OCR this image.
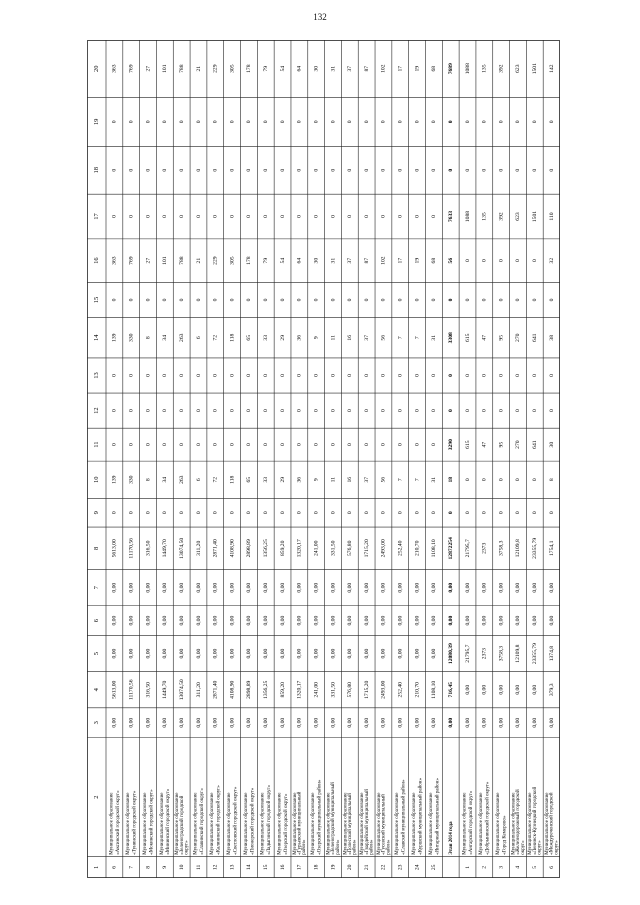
132
1
2
3
4
5
6
7
8
9
10
11
12
13
14
15
16
17
18
19
20
6
Муниципальное образование «Аксинский городской округ»
0,00
5613,00
0,00
0,00
0,00
5613,00
0
139
0
0
0
139
0
363
0
0
0
363
7
Муниципальное образование «Тунинский городской округ»
0,00
11170,56
0,00
0,00
0,00
11170,56
0
330
0
0
0
330
0
769
0
0
0
769
8
Муниципальное образование «Мокинский городской округ»
0,00
316,50
0,00
0,00
0,00
316,50
0
8
0
0
0
8
0
27
0
0
0
27
9
Муниципальное образование «Мининский городской округ»
0,00
1449,70
0,00
0,00
0,00
1449,70
0
34
0
0
0
34
0
101
0
0
0
101
10
Муниципальное образование «Зеленоградский городской округ»
0,00
13074,50
0,00
0,00
0,00
13074,50
0
263
0
0
0
263
0
788
0
0
0
788
11
Муниципальное образование «Славинский городской округ»
0,00
311,20
0,00
0,00
0,00
311,20
0
6
0
0
0
6
0
21
0
0
0
21
12
Муниципальное образование «Калининский городской округ»
0,00
2871,40
0,00
0,00
0,00
2871,40
0
72
0
0
0
72
0
229
0
0
0
229
13
Муниципальное образование «Светловский городской округ»
0,00
4108,90
0,00
0,00
0,00
4108,90
0
118
0
0
0
118
0
305
0
0
0
305
14
Муниципальное образование «Пионерский городской округ»
0,00
2898,89
0,00
0,00
0,00
2898,89
0
65
0
0
0
65
0
178
0
0
0
178
15
Муниципальное образование «Ладыгинский городской округ»
0,00
1356,25
0,00
0,00
0,00
1356,25
0
33
0
0
0
33
0
79
0
0
0
79
16
Муниципальное образование «Озерский городской округ»
0,00
859,20
0,00
0,00
0,00
859,20
0
29
0
0
0
29
0
54
0
0
0
54
17
Муниципальное образование «Гурьевский муниципальный район»
0,00
1320,17
0,00
0,00
0,00
1320,17
0
36
0
0
0
36
0
64
0
0
0
64
18
Муниципальное образование «Озерский муниципальный район»
0,00
241,00
0,00
0,00
0,00
241,00
0
9
0
0
0
9
0
30
0
0
0
30
19
Муниципальное образование «Зеленоградский муниципальный район»
0,00
331,50
0,00
0,00
0,00
331,50
0
11
0
0
0
11
0
31
0
0
0
31
20
Муниципальное образование «Полесский муниципальный район»
0,00
576,80
0,00
0,00
0,00
576,80
0
16
0
0
0
16
0
37
0
0
0
37
21
Муниципальное образование «Гвардейский муниципальный район»
0,00
1715,20
0,00
0,00
0,00
1715,20
0
37
0
0
0
37
0
87
0
0
0
87
22
Муниципальное образование «Гусевский муниципальный район»
0,00
2493,00
0,00
0,00
0,00
2493,00
0
56
0
0
0
56
0
102
0
0
0
102
23
Муниципальное образование «Славский муниципальный район»
0,00
252,40
0,00
0,00
0,00
252,40
0
7
0
0
0
7
0
17
0
0
0
17
24
Муниципальное образование «Куршский муниципальный район»
0,00
210,70
0,00
0,00
0,00
210,70
0
7
0
0
0
7
0
19
0
0
0
19
25
Муниципальное образование «Янтарный муниципальный район»
0,00
1108,10
0,00
0,00
0,00
1108,10
0
31
0
0
0
31
0
68
0
0
0
68
Этап 2014 года
0,00
716,45
12080,39
0,00
0,00
12872254
0
18
3290
0
0
3308
0
56
7633
0
0
7689
1
Муниципальное образование «Ангарский городской округ»
0,00
0,00
21795,7
0,00
0,00
21795,7
0
0
615
0
0
615
0
0
1088
0
0
1088
2
Муниципальное образование «Добрынинский городской округ»
0,00
0,00
2373
0,00
0,00
2373
0
0
47
0
0
47
0
0
135
0
0
135
3
Муниципальное образование «Город Кемерово»
0,00
0,00
3758,3
0,00
0,00
3758,3
0
0
95
0
0
95
0
0
392
0
0
392
4
Муниципальное образование «Железнодорожный городской округ»
0,00
0,00
12109,8
0,00
0,00
12109,8
0
0
270
0
0
270
0
0
623
0
0
623
5
Муниципальное образование «Ленинск-Кузнецкий городской округ»
0,00
0,00
23355,79
0,00
0,00
23355,79
0
0
641
0
0
641
0
0
1501
0
0
1501
6
Муниципальное образование «Междуреченский городской округ»
0,00
379,3
1374,8
0,00
0,00
1754,1
0
8
30
0
0
38
0
32
110
0
0
142
